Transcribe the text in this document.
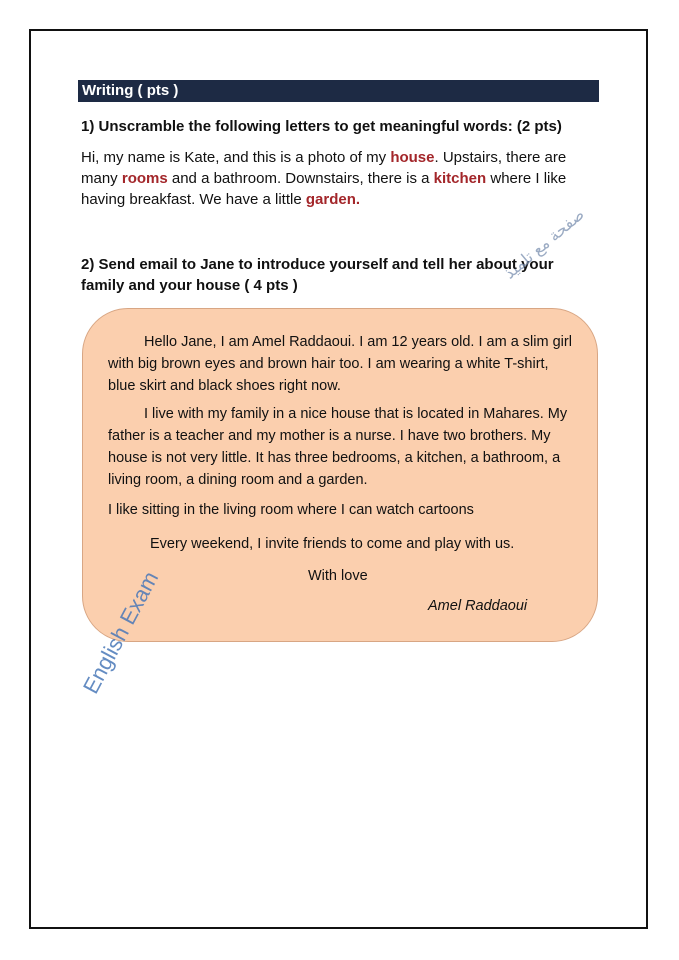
Writing ( pts )
1) Unscramble the following letters to get meaningful words: (2 pts)
Hi, my name is Kate, and this is a photo of my house. Upstairs, there are many rooms and a bathroom. Downstairs, there is a kitchen where I like having breakfast. We have a little garden.
2) Send email to Jane to introduce yourself and tell her about your family and your house ( 4 pts )
Hello Jane, I am Amel Raddaoui. I am 12 years old. I am a slim girl with big brown eyes and brown hair too. I am wearing a white T-shirt, blue skirt and black shoes right now.
I live with my family in a nice house that is located in Mahares. My father is a teacher and my mother is a nurse. I have two brothers. My house is not very little. It has three bedrooms, a kitchen, a bathroom, a living room, a dining room and a garden.
I like sitting in the living room where I can watch cartoons
Every weekend, I invite friends to come and play with us.
With love
Amel Raddaoui
English Exam
صفحة مع تلميذ
